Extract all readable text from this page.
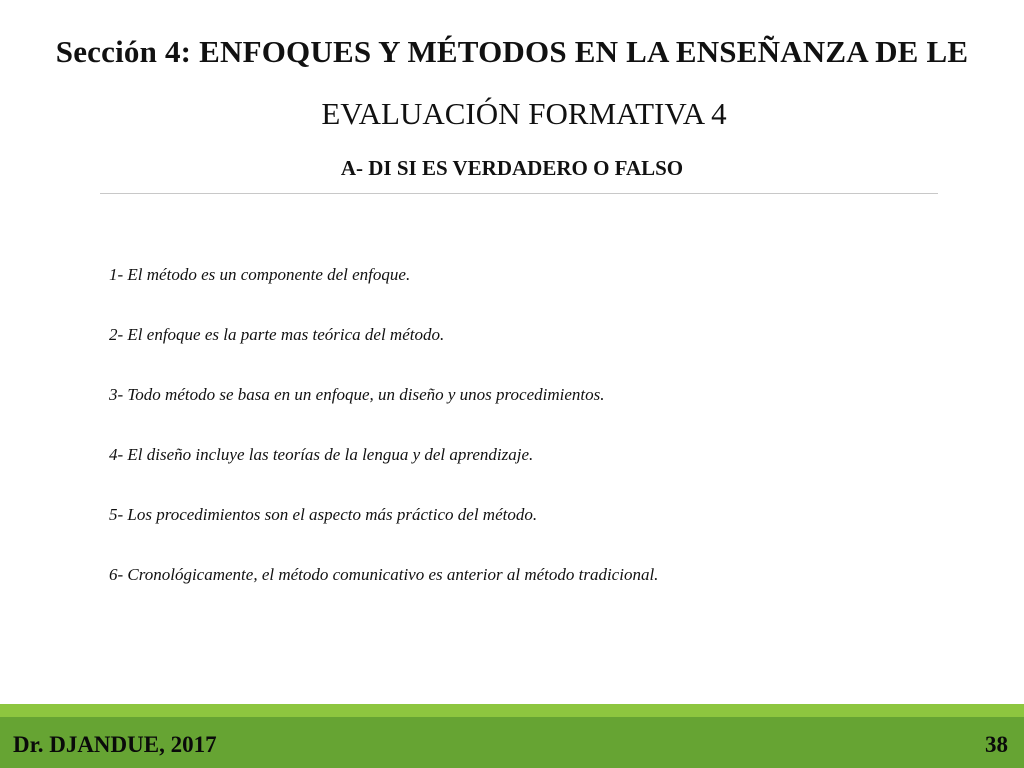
Sección 4: ENFOQUES Y MÉTODOS EN LA ENSEÑANZA DE LE
EVALUACIÓN FORMATIVA 4
A- DI SI ES VERDADERO O FALSO
1- El método es un componente del enfoque.
2- El enfoque es la parte mas teórica del método.
3- Todo método se basa en un enfoque, un diseño y unos procedimientos.
4- El diseño incluye las teorías de la lengua y del aprendizaje.
5- Los procedimientos son el aspecto más práctico del método.
6- Cronológicamente, el método comunicativo es anterior al método tradicional.
Dr. DJANDUE, 2017	38
